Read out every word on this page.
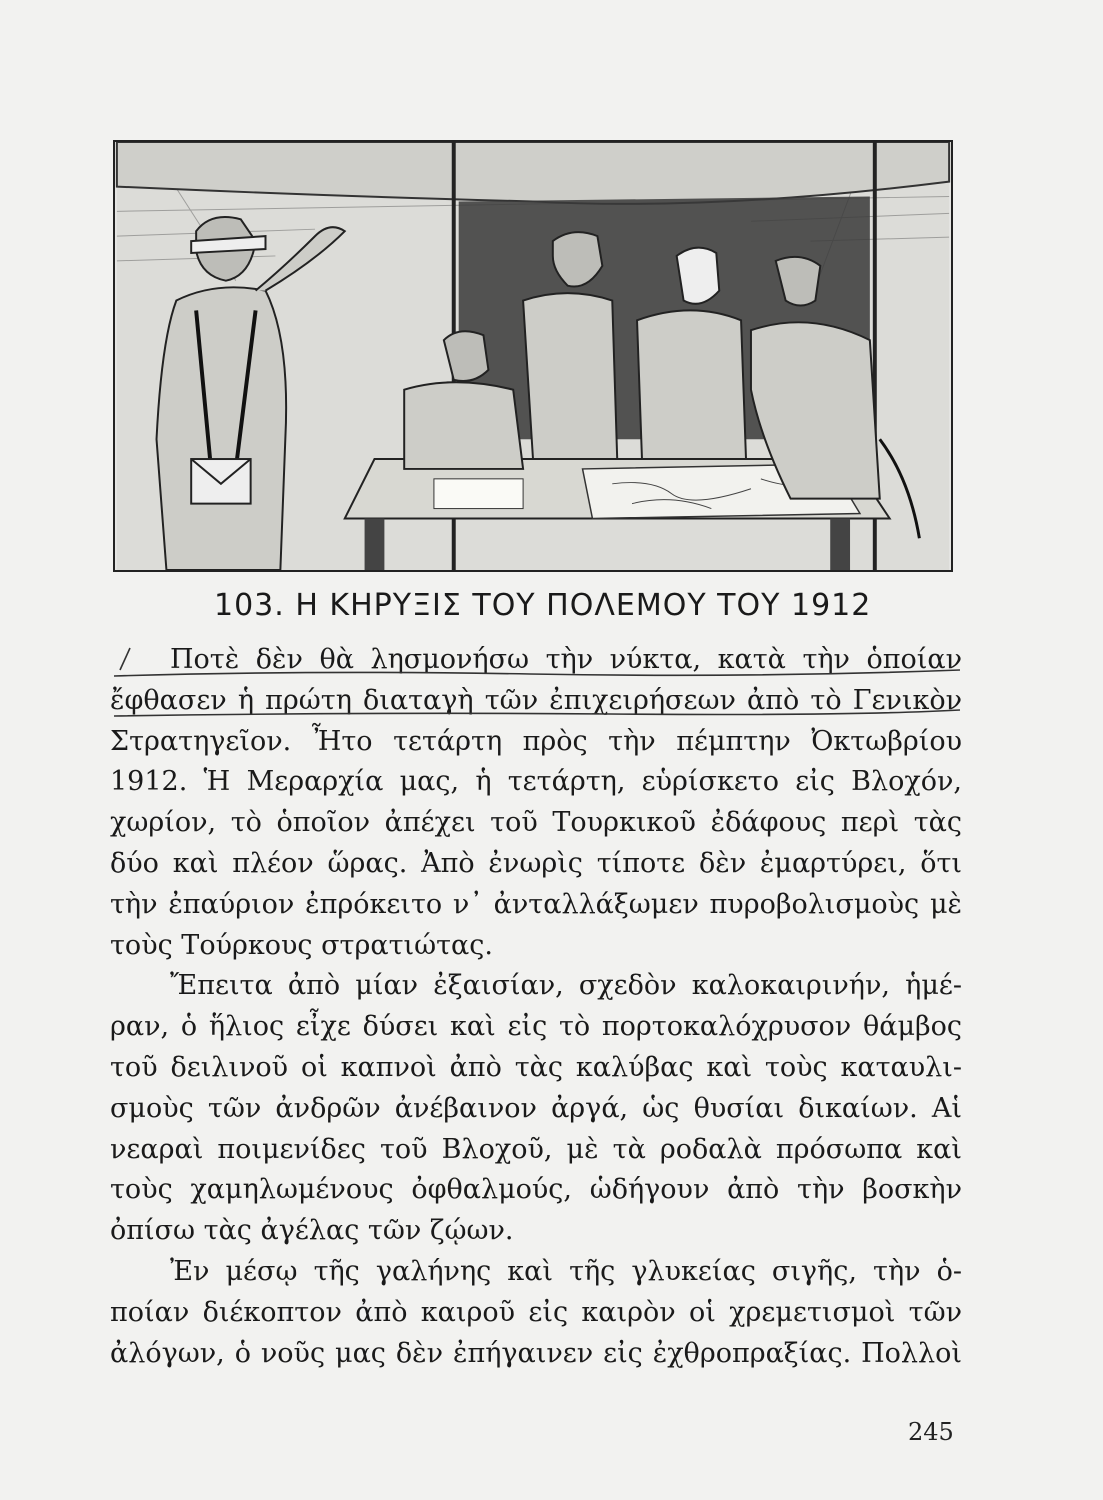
103. Η ΚΗΡΥΞΙΣ ΤΟΥ ΠΟΛΕΜΟΥ ΤΟΥ 1912
Ποτὲ δὲν θὰ λησμονήσω τὴν νύκτα, κατὰ τὴν ὁποίαν
ἔφθασεν ἡ πρώτη διαταγὴ τῶν ἐπιχειρήσεων ἀπὸ τὸ Γενικὸν
Στρατηγεῖον. Ἦτο τετάρτη πρὸς τὴν πέμπτην Ὀκτωβρίου
1912. Ἡ Μεραρχία μας, ἡ τετάρτη, εὑρίσκετο εἰς Βλοχόν,
χωρίον, τὸ ὁποῖον ἀπέχει τοῦ Τουρκικοῦ ἐδάφους περὶ τὰς
δύο καὶ πλέον ὥρας. Ἀπὸ ἐνωρὶς τίποτε δὲν ἐμαρτύρει, ὅτι
τὴν ἐπαύριον ἐπρόκειτο ν᾽ ἀνταλλάξωμεν πυροβολισμοὺς μὲ
τοὺς Τούρκους στρατιώτας.
Ἔπειτα ἀπὸ μίαν ἐξαισίαν, σχεδὸν καλοκαιρινήν, ἡμέ-
ραν, ὁ ἥλιος εἶχε δύσει καὶ εἰς τὸ πορτοκαλόχρυσον θάμβος
τοῦ δειλινοῦ οἱ καπνοὶ ἀπὸ τὰς καλύβας καὶ τοὺς καταυλι-
σμοὺς τῶν ἀνδρῶν ἀνέβαινον ἀργά, ὡς θυσίαι δικαίων. Αἱ
νεαραὶ ποιμενίδες τοῦ Βλοχοῦ, μὲ τὰ ροδαλὰ πρόσωπα καὶ
τοὺς χαμηλωμένους ὀφθαλμούς, ὡδήγουν ἀπὸ τὴν βοσκὴν
ὀπίσω τὰς ἀγέλας τῶν ζῴων.
Ἐν μέσῳ τῆς γαλήνης καὶ τῆς γλυκείας σιγῆς, τὴν ὁ-
ποίαν διέκοπτον ἀπὸ καιροῦ εἰς καιρὸν οἱ χρεμετισμοὶ τῶν
ἀλόγων, ὁ νοῦς μας δὲν ἐπήγαινεν εἰς ἐχθροπραξίας. Πολλοὶ
245
